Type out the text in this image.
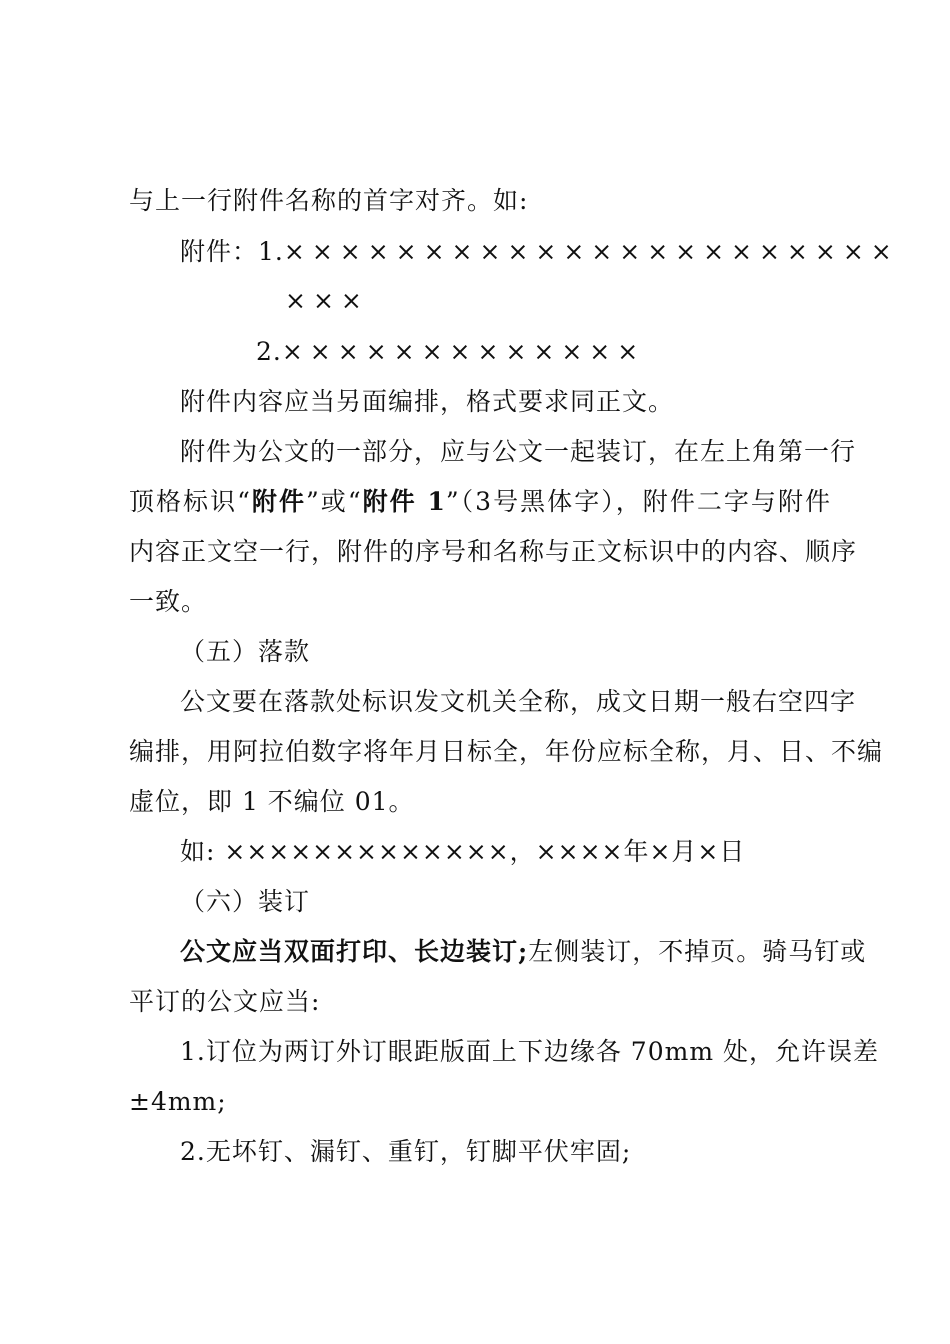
与上一行附件名称的首字对齐。如:
附件：1.××××××××××××××××××××××
×××
2.×××××××××××××
附件内容应当另面编排，格式要求同正文。
附件为公文的一部分，应与公文一起装订，在左上角第一行
顶格标识“附件”或“附件 1”（3号黑体字），附件二字与附件
内容正文空一行，附件的序号和名称与正文标识中的内容、顺序
一致。
（五）落款
公文要在落款处标识发文机关全称，成文日期一般右空四字
编排，用阿拉伯数字将年月日标全，年份应标全称，月、日、不编
虚位，即 1 不编位 01。
如: ×××××××××××××，××××年×月×日
（六）装订
公文应当双面打印、长边装订;左侧装订，不掉页。骑马钉或
平订的公文应当:
1.订位为两订外订眼距版面上下边缘各 70mm 处，允许误差
±4mm;
2.无坏钉、漏钉、重钉，钉脚平伏牢固;
